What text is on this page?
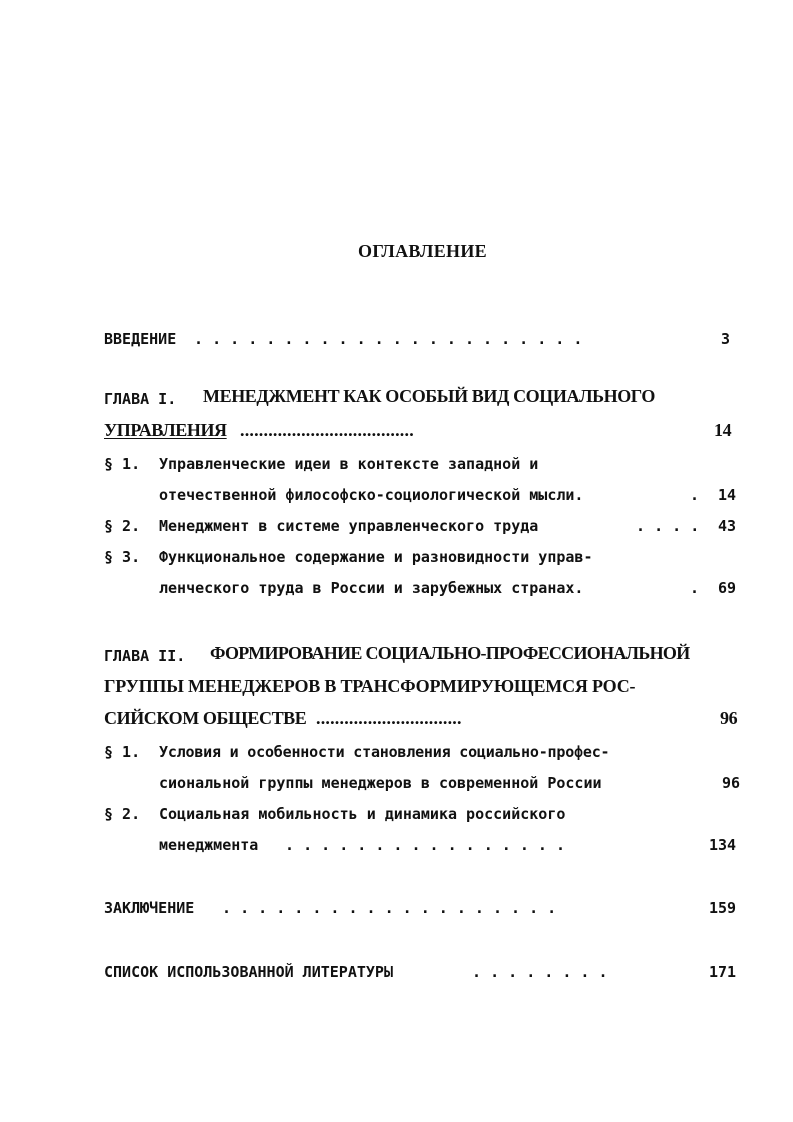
ОГЛАВЛЕНИЕ
ВВЕДЕНИЕ . . . . . . . . . . . . . . . . . . . . . .	3
ГЛАВА I. МЕНЕДЖМЕНТ КАК ОСОБЫЙ ВИД СОЦИАЛЬНОГО
УПРАВЛЕНИЯ .....................................	14
§ 1. Управленческие идеи в контексте западной и
отечественной философско-социологической мысли.	. 14
§ 2. Менеджмент в системе управленческого труда	. . . . 43
§ 3. Функциональное содержание и разновидности управ-
ленческого труда в России и зарубежных странах.	. 69
ГЛАВА II. ФОРМИРОВАНИЕ СОЦИАЛЬНО-ПРОФЕССИОНАЛЬНОЙ
ГРУППЫ МЕНЕДЖЕРОВ В ТРАНСФОРМИРУЮЩЕМСЯ РОС-
СИЙСКОМ ОБЩЕСТВЕ ...............................	96
§ 1. Условия и особенности становления социально-профес-
сиональной группы менеджеров в современной России	96
§ 2. Социальная мобильность и динамика российского
менеджмента . . . . . . . . . . . . . . . .	134
ЗАКЛЮЧЕНИЕ . . . . . . . . . . . . . . . . . . .	159
СПИСОК ИСПОЛЬЗОВАННОЙ ЛИТЕРАТУРЫ	. . . . . . . .	171
